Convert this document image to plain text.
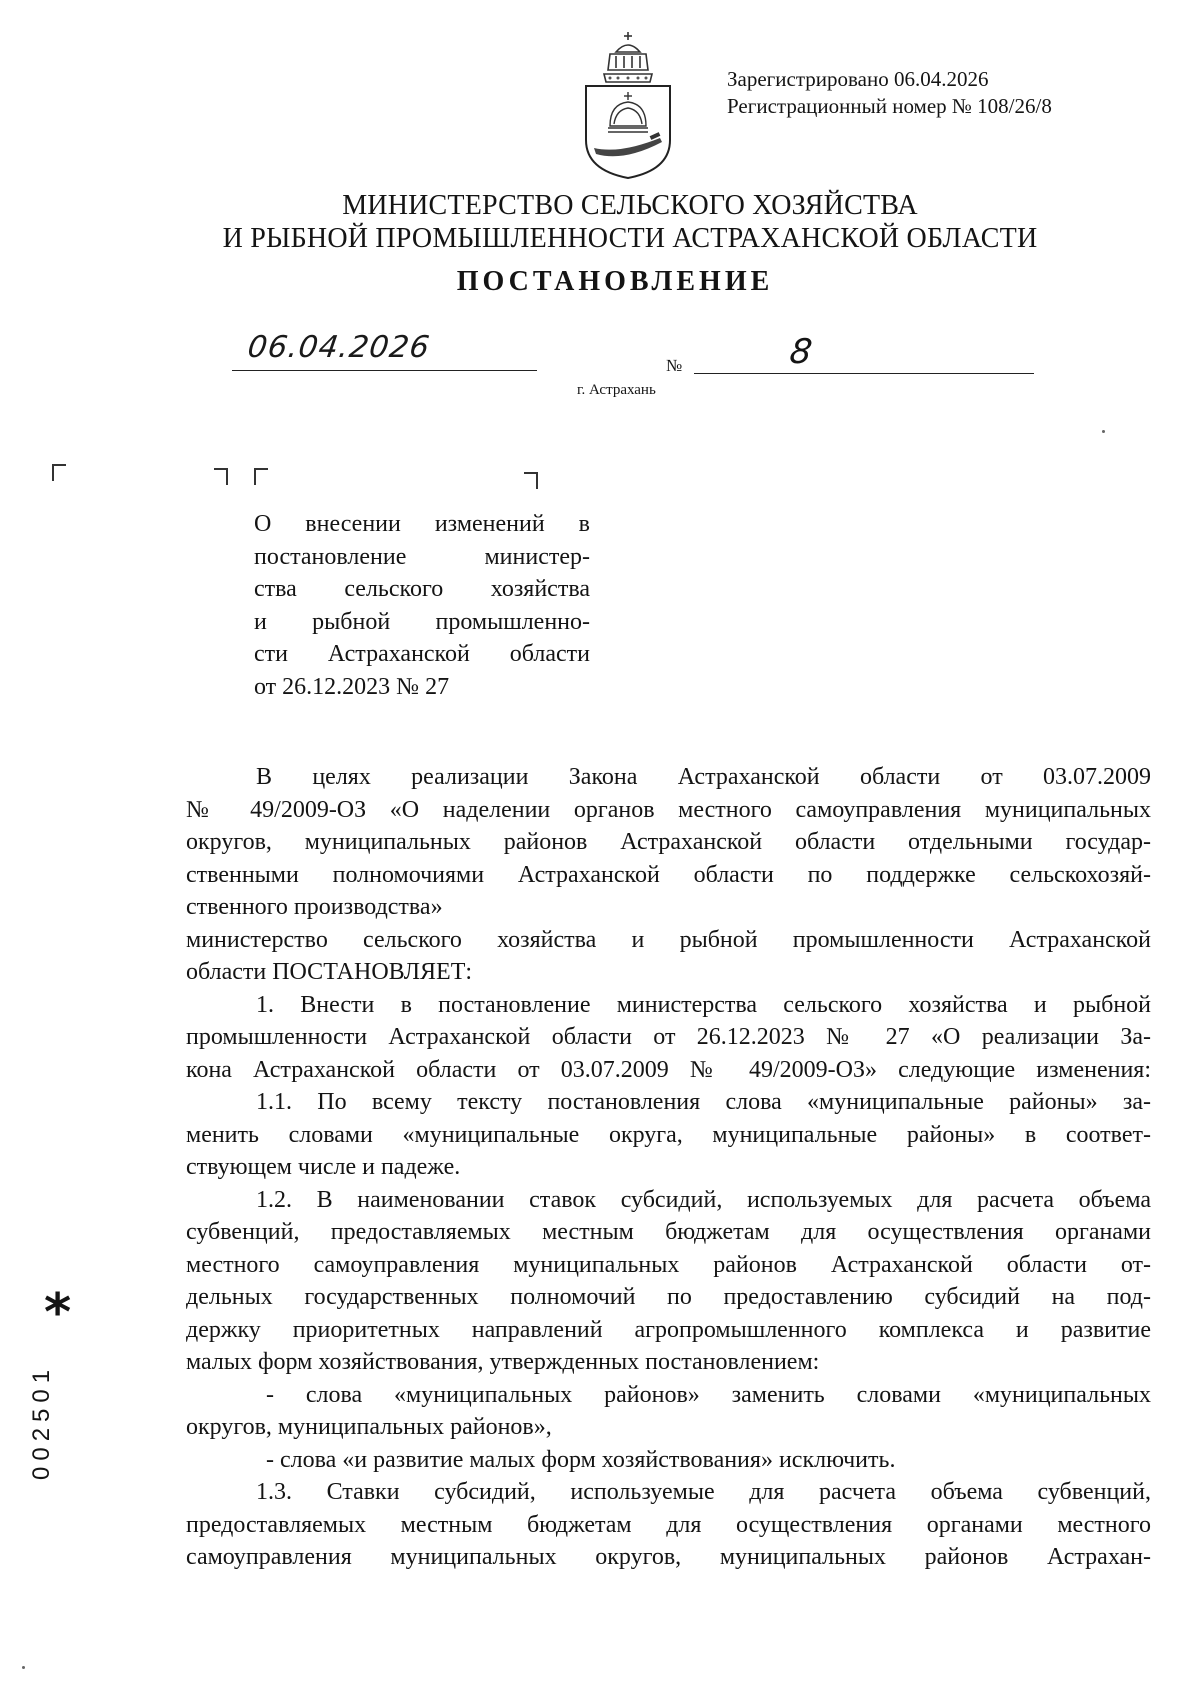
Зарегистрировано 06.04.2026
Регистрационный номер № 108/26/8
МИНИСТЕРСТВО СЕЛЬСКОГО ХОЗЯЙСТВА
И РЫБНОЙ ПРОМЫШЛЕННОСТИ АСТРАХАНСКОЙ ОБЛАСТИ
ПОСТАНОВЛЕНИЕ
06.04.2026
№	8
г. Астрахань
О внесении изменений в
постановление министер-
ства сельского хозяйства
и рыбной промышленно-
сти Астраханской области
от 26.12.2023 № 27
В целях реализации Закона Астраханской области от 03.07.2009
№ 49/2009-ОЗ «О наделении органов местного самоуправления муниципальных
округов, муниципальных районов Астраханской области отдельными государ-
ственными полномочиями Астраханской области по поддержке сельскохозяй-
ственного производства»
министерство сельского хозяйства и рыбной промышленности Астраханской
области ПОСТАНОВЛЯЕТ:
1. Внести в постановление министерства сельского хозяйства и рыбной
промышленности Астраханской области от 26.12.2023 № 27 «О реализации За-
кона Астраханской области от 03.07.2009 № 49/2009-ОЗ» следующие изменения:
1.1. По всему тексту постановления слова «муниципальные районы» за-
менить словами «муниципальные округа, муниципальные районы» в соответ-
ствующем числе и падеже.
1.2. В наименовании ставок субсидий, используемых для расчета объема
субвенций, предоставляемых местным бюджетам для осуществления органами
местного самоуправления муниципальных районов Астраханской области от-
дельных государственных полномочий по предоставлению субсидий на под-
держку приоритетных направлений агропромышленного комплекса и развитие
малых форм хозяйствования, утвержденных постановлением:
- слова «муниципальных районов» заменить словами «муниципальных
округов, муниципальных районов»,
- слова «и развитие малых форм хозяйствования» исключить.
1.3. Ставки субсидий, используемые для расчета объема субвенций,
предоставляемых местным бюджетам для осуществления органами местного
самоуправления муниципальных округов, муниципальных районов Астрахан-
*
002501
